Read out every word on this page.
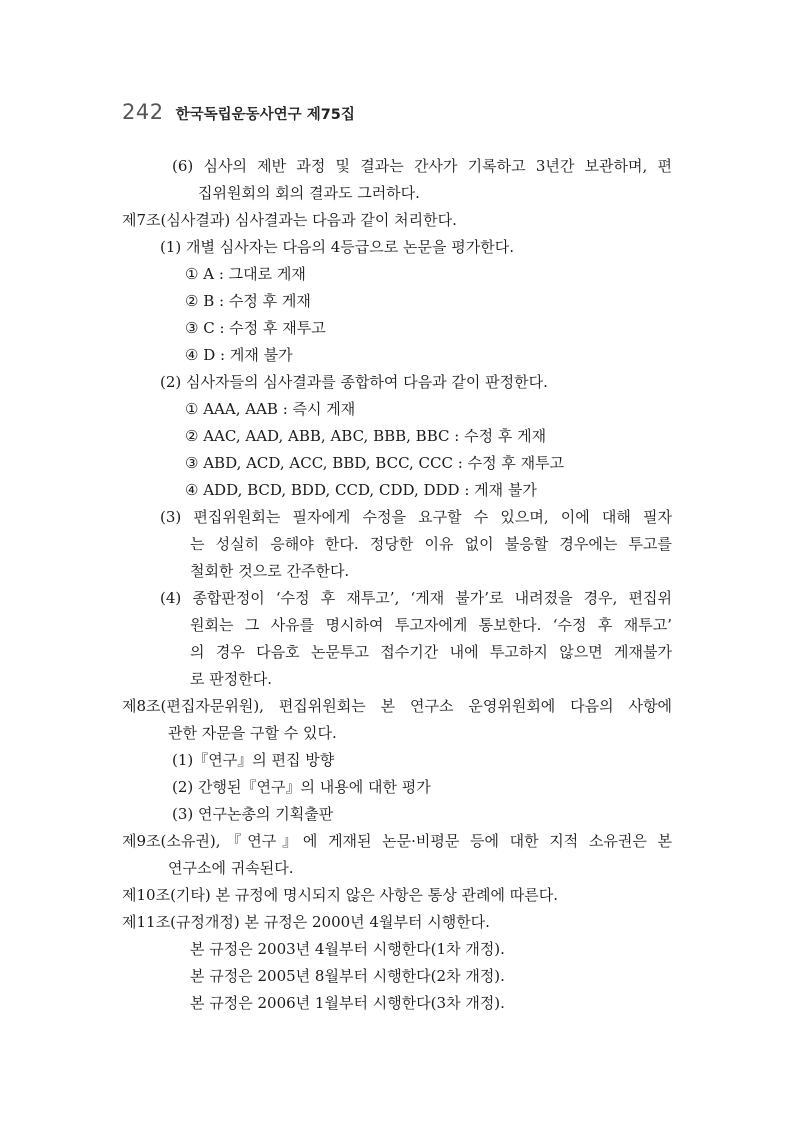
242 한국독립운동사연구 제75집
(6) 심사의 제반 과정 및 결과는 간사가 기록하고 3년간 보관하며, 편
집위원회의 회의 결과도 그러하다.
제7조(심사결과) 심사결과는 다음과 같이 처리한다.
(1) 개별 심사자는 다음의 4등급으로 논문을 평가한다.
① A : 그대로 게재
② B : 수정 후 게재
③ C : 수정 후 재투고
④ D : 게재 불가
(2) 심사자들의 심사결과를 종합하여 다음과 같이 판정한다.
① AAA, AAB : 즉시 게재
② AAC, AAD, ABB, ABC, BBB, BBC : 수정 후 게재
③ ABD, ACD, ACC, BBD, BCC, CCC : 수정 후 재투고
④ ADD, BCD, BDD, CCD, CDD, DDD : 게재 불가
(3) 편집위원회는 필자에게 수정을 요구할 수 있으며, 이에 대해 필자
는 성실히 응해야 한다. 정당한 이유 없이 불응할 경우에는 투고를
철회한 것으로 간주한다.
(4) 종합판정이 ‘수정 후 재투고’, ‘게재 불가’로 내려졌을 경우, 편집위
원회는 그 사유를 명시하여 투고자에게 통보한다. ‘수정 후 재투고’
의 경우 다음호 논문투고 접수기간 내에 투고하지 않으면 게재불가
로 판정한다.
제8조(편집자문위원), 편집위원회는 본 연구소 운영위원회에 다음의 사항에
관한 자문을 구할 수 있다.
(1)『연구』의 편집 방향
(2) 간행된『연구』의 내용에 대한 평가
(3) 연구논총의 기획출판
제9조(소유권),『연구』에 게재된 논문·비평문 등에 대한 지적 소유권은 본
연구소에 귀속된다.
제10조(기타) 본 규정에 명시되지 않은 사항은 통상 관례에 따른다.
제11조(규정개정) 본 규정은 2000년 4월부터 시행한다.
본 규정은 2003년 4월부터 시행한다(1차 개정).
본 규정은 2005년 8월부터 시행한다(2차 개정).
본 규정은 2006년 1월부터 시행한다(3차 개정).
